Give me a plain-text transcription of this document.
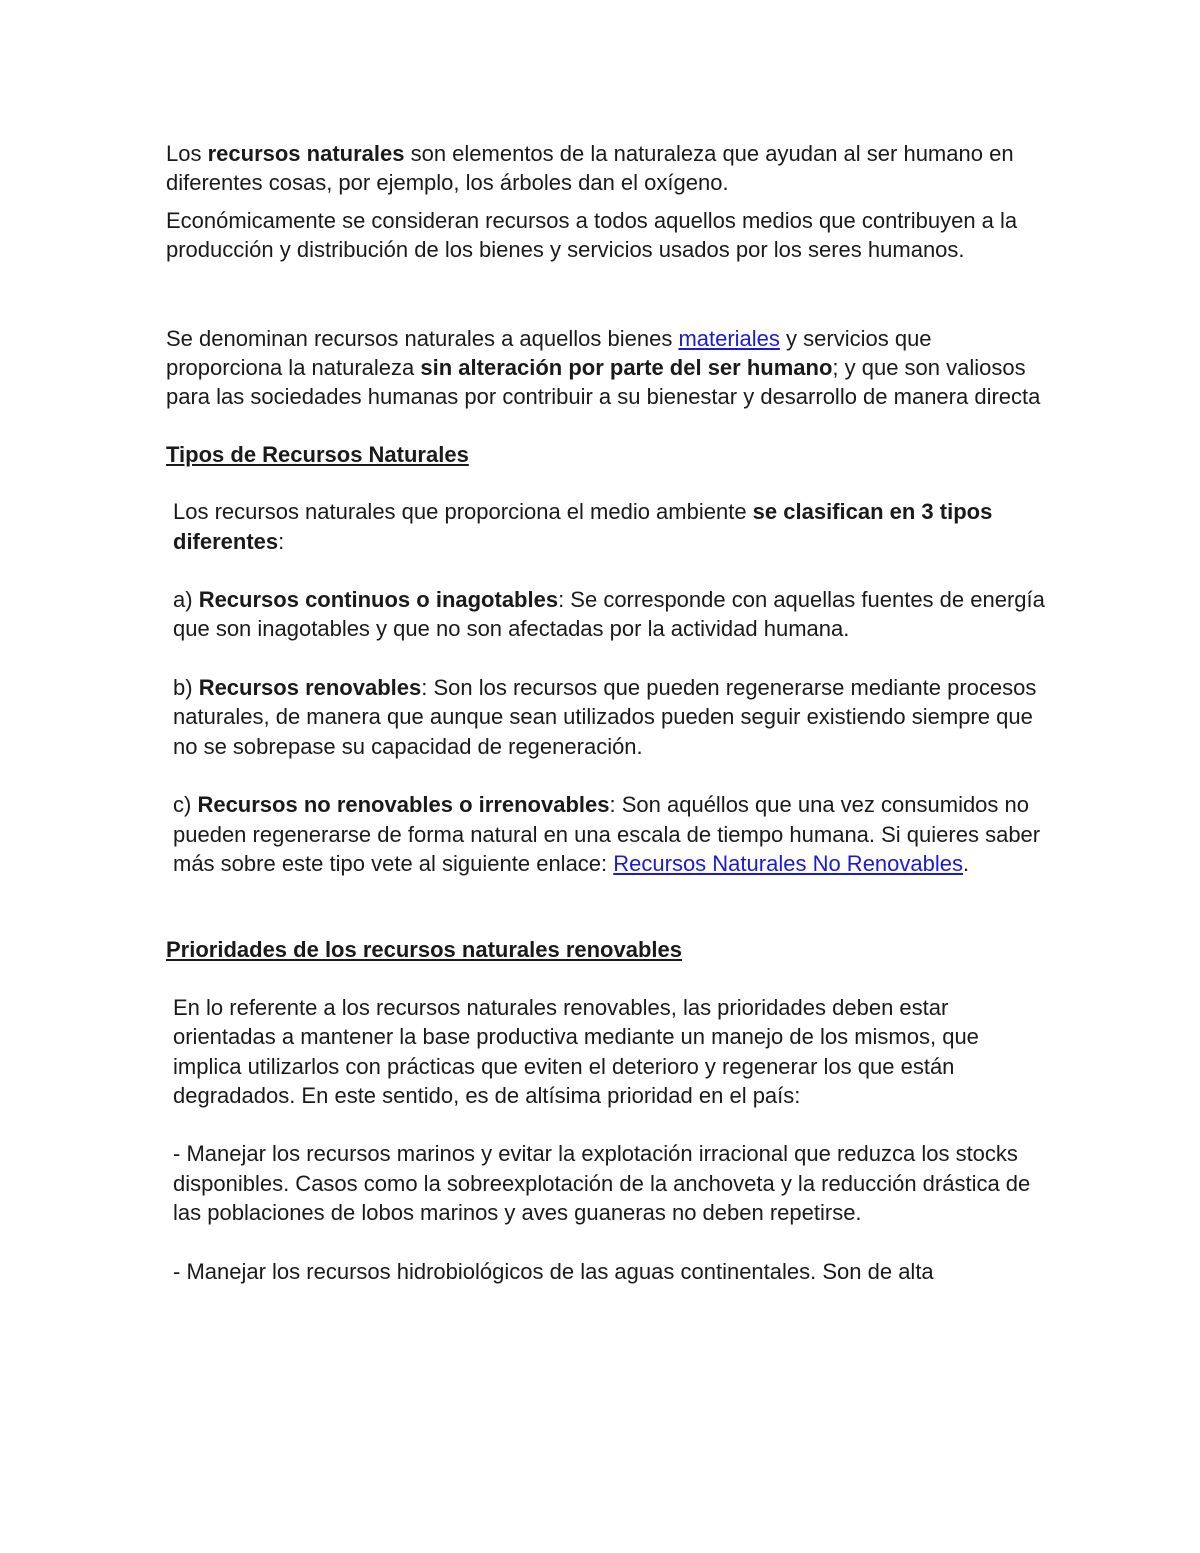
Los recursos naturales son elementos de la naturaleza que ayudan al ser humano en diferentes cosas, por ejemplo, los árboles dan el oxígeno.

Económicamente se consideran recursos a todos aquellos medios que contribuyen a la producción y distribución de los bienes y servicios usados por los seres humanos.

Se denominan recursos naturales a aquellos bienes materiales y servicios que proporciona la naturaleza sin alteración por parte del ser humano; y que son valiosos para las sociedades humanas por contribuir a su bienestar y desarrollo de manera directa

Tipos de Recursos Naturales

Los recursos naturales que proporciona el medio ambiente se clasifican en 3 tipos diferentes:

a) Recursos continuos o inagotables: Se corresponde con aquellas fuentes de energía que son inagotables y que no son afectadas por la actividad humana.

b) Recursos renovables: Son los recursos que pueden regenerarse mediante procesos naturales, de manera que aunque sean utilizados pueden seguir existiendo siempre que no se sobrepase su capacidad de regeneración.

c) Recursos no renovables o irrenovables: Son aquéllos que una vez consumidos no pueden regenerarse de forma natural en una escala de tiempo humana. Si quieres saber más sobre este tipo vete al siguiente enlace: Recursos Naturales No Renovables.

Prioridades de los recursos naturales renovables

En lo referente a los recursos naturales renovables, las prioridades deben estar orientadas a mantener la base productiva mediante un manejo de los mismos, que implica utilizarlos con prácticas que eviten el deterioro y regenerar los que están degradados. En este sentido, es de altísima prioridad en el país:

- Manejar los recursos marinos y evitar la explotación irracional que reduzca los stocks disponibles. Casos como la sobreexplotación de la anchoveta y la reducción drástica de las poblaciones de lobos marinos y aves guaneras no deben repetirse.

- Manejar los recursos hidrobiológicos de las aguas continentales. Son de alta
